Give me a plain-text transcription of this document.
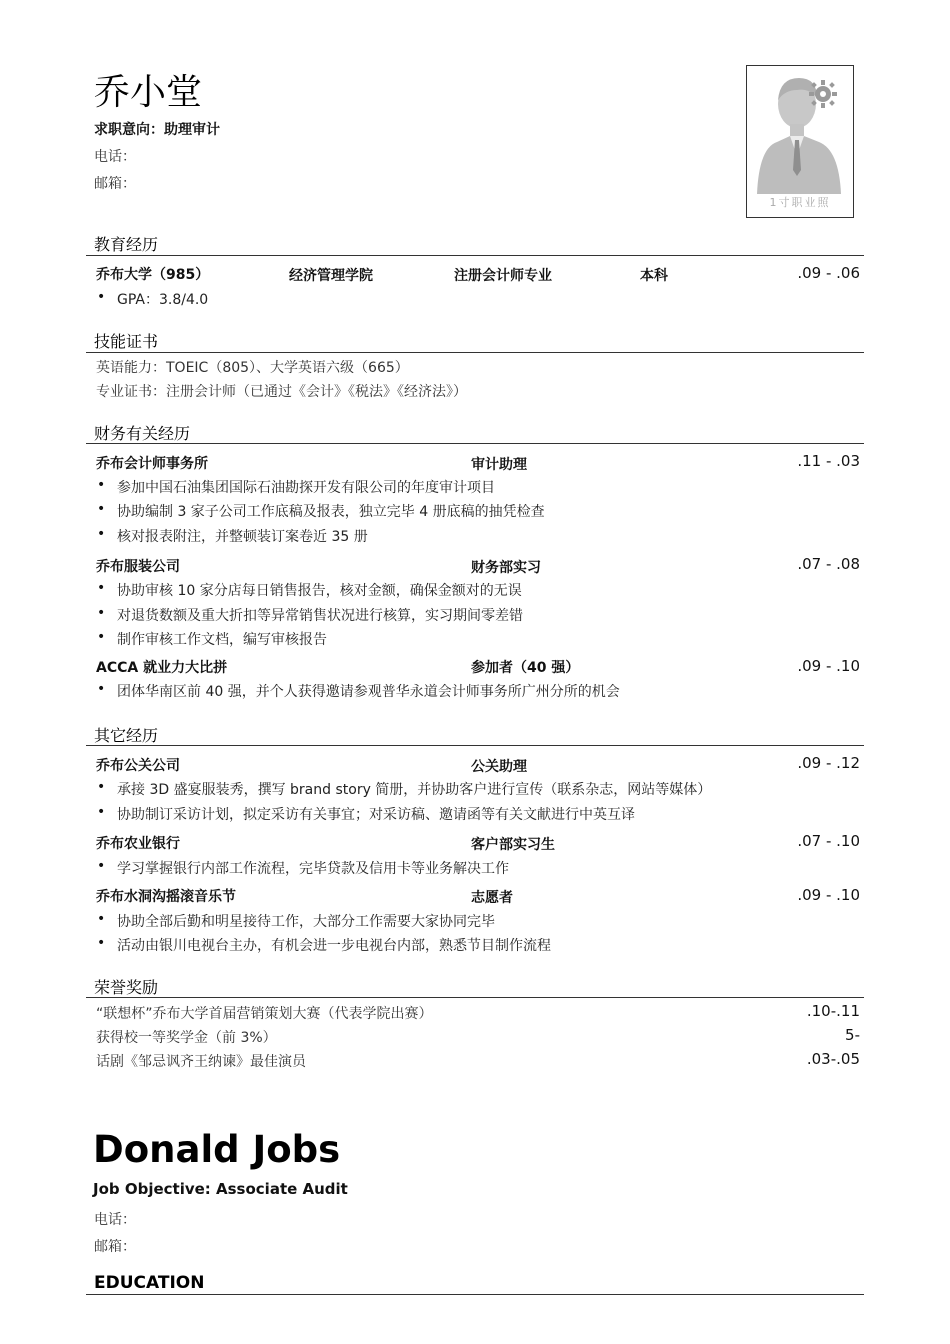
乔小堂
求职意向：助理审计
电话：
邮箱：
1寸职业照
教育经历
乔布大学（985）	经济管理学院	注册会计师专业	本科	.09 - .06
• GPA：3.8/4.0
技能证书
英语能力：TOEIC（805）、大学英语六级（665）
专业证书：注册会计师（已通过《会计》《税法》《经济法》）
财务有关经历
乔布会计师事务所	审计助理	.11 - .03
• 参加中国石油集团国际石油勘探开发有限公司的年度审计项目
• 协助编制 3 家子公司工作底稿及报表，独立完毕 4 册底稿的抽凭检查
• 核对报表附注，并整顿装订案卷近 35 册
乔布服装公司	财务部实习	.07 - .08
• 协助审核 10 家分店每日销售报告，核对金额，确保金额对的无误
• 对退货数额及重大折扣等异常销售状况进行核算，实习期间零差错
• 制作审核工作文档，编写审核报告
ACCA 就业力大比拼	参加者（40 强）	.09 - .10
• 团体华南区前 40 强，并个人获得邀请参观普华永道会计师事务所广州分所的机会
其它经历
乔布公关公司	公关助理	.09 - .12
• 承接 3D 盛宴服装秀，撰写 brand story 简册，并协助客户进行宣传（联系杂志，网站等媒体）
• 协助制订采访计划，拟定采访有关事宜；对采访稿、邀请函等有关文献进行中英互译
乔布农业银行	客户部实习生	.07 - .10
• 学习掌握银行内部工作流程，完毕贷款及信用卡等业务解决工作
乔布水洞沟摇滚音乐节	志愿者	.09 - .10
• 协助全部后勤和明星接待工作，大部分工作需要大家协同完毕
• 活动由银川电视台主办，有机会进一步电视台内部，熟悉节目制作流程
荣誉奖励
“联想杯”乔布大学首届营销策划大赛（代表学院出赛）	.10-.11
获得校一等奖学金（前 3%）	5-
话剧《邹忌讽齐王纳谏》最佳演员	.03-.05
Donald Jobs
Job Objective: Associate Audit
电话：
邮箱：
EDUCATION
